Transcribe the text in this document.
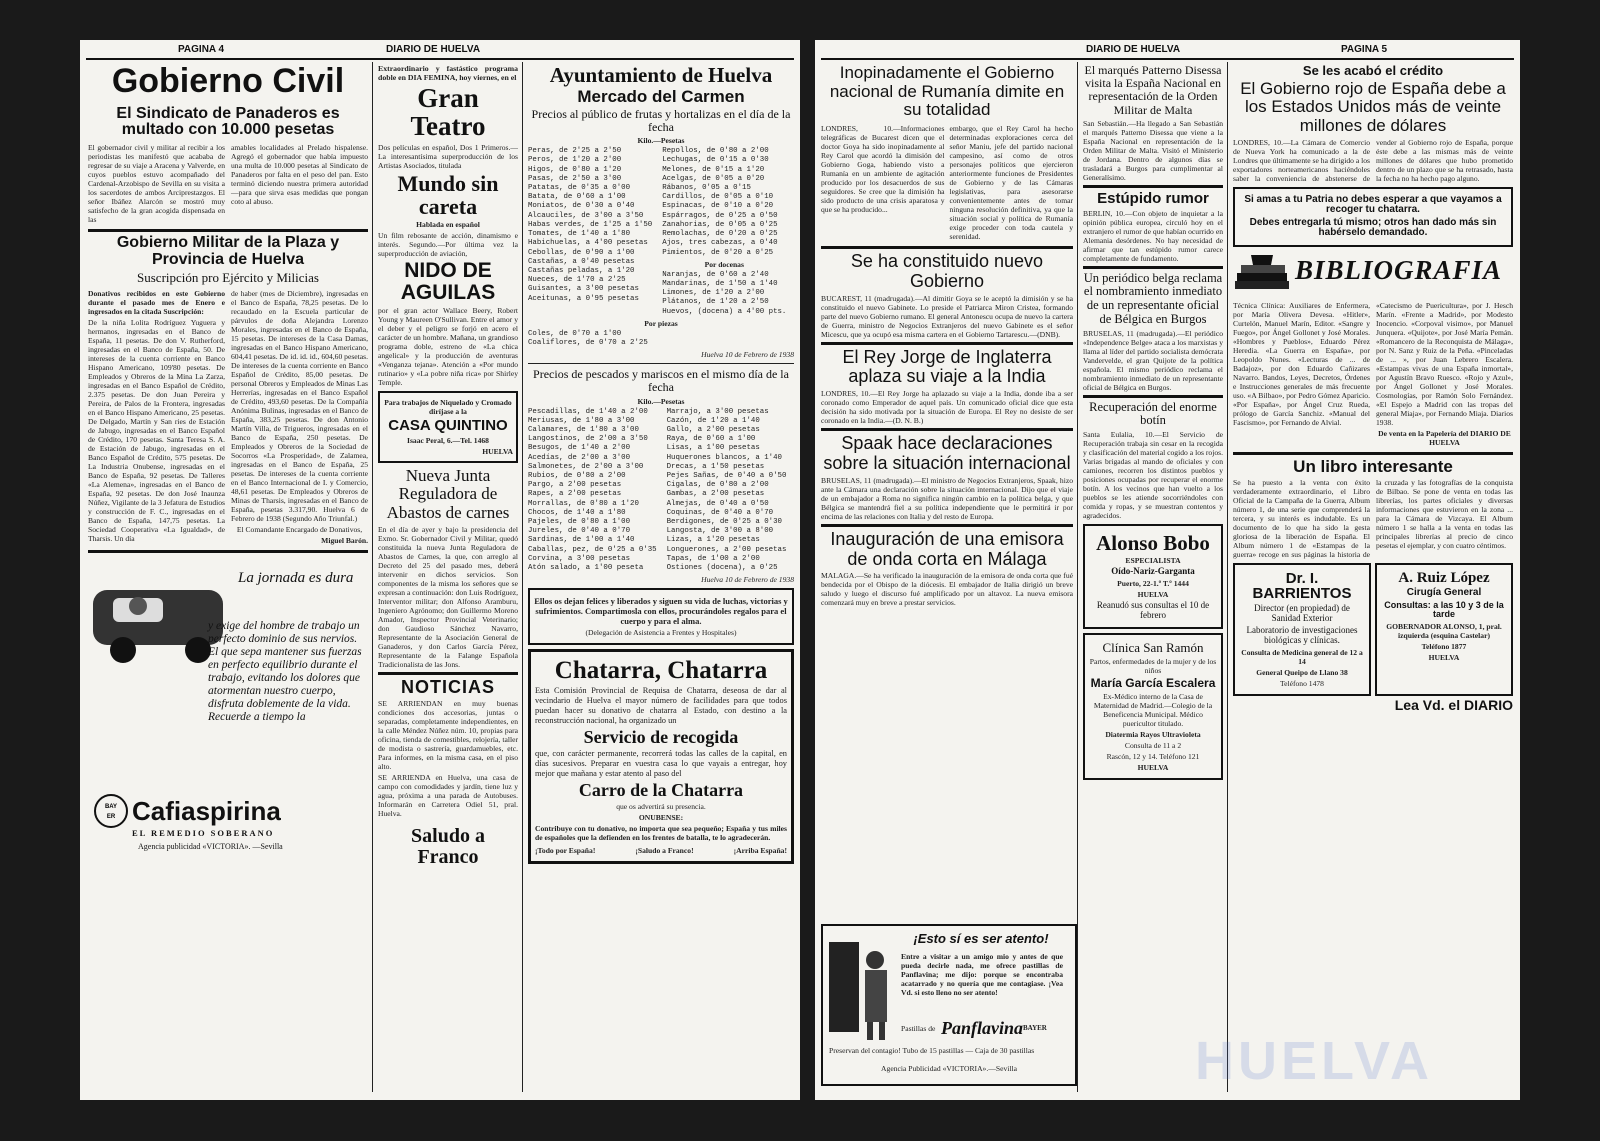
PAGINA 4	DIARIO DE HUELVA
Gobierno Civil
El Sindicato de Panaderos es multado con 10.000 pesetas
El gobernador civil y militar al recibir a los periodistas les manifestó que acababa de regresar de su viaje a Aracena y Valverde, en cuyos pueblos estuvo acompañado del Cardenal-Arzobispo de Sevilla en su visita a los sacerdotes de ambos Arciprestazgos. El señor Ibáñez Alarcón se mostró muy satisfecho de la gran acogida dispensada en las
amables localidades al Prelado hispalense. Agregó el gobernador que había impuesto una multa de 10.000 pesetas al Sindicato de Panaderos por falta en el peso del pan. Esto terminó diciendo nuestra primera autoridad—para que sirva esas medidas que pongan coto al abuso.
Gobierno Militar de la Plaza y Provincia de Huelva
Suscripción pro Ejército y Milicias
Donativos recibidos en este Gobierno durante el pasado mes de Enero e ingresados en la citada Suscripción:
De la niña Lolita Rodríguez Yuguera y hermanos, ingresadas en el Banco de España, 11 pesetas. De don V. Rutherford, ingresadas en el Banco de España, 50. De intereses de la cuenta corriente en Banco Hispano Americano, 109'80 pesetas. De Empleados y Obreros de la Mina La Zarza, ingresadas en el Banco Español de Crédito, 2.375 pesetas. De don Juan Pereira y Pereira, de Palos de la Frontera, ingresadas en el Banco Hispano Americano, 25 pesetas. De Delgado, Martín y San ries de Estación de Jabugo, ingresadas en el Banco Español de Crédito, 170 pesetas. Santa Teresa S. A. de Estación de Jabugo, ingresadas en el Banco Español de Crédito, 575 pesetas. De La Industria Onubense, ingresadas en el Banco de España, 92 pesetas. De Talleres «La Alemena», ingresadas en el Banco de España, 92 pesetas. De don José Inaunza Núñez, Vigilante de la 3 Jefatura de Estudios y construcción de F. C., ingresadas en el Banco de España, 147,75 pesetas. La Sociedad Cooperativa «La Igualdad», de Tharsis. Un día
de haber (mes de Diciembre), ingresadas en el Banco de España, 78,25 pesetas. De lo recaudado en la Escuela particular de párvulos de doña Alejandra Lorenzo Morales, ingresadas en el Banco de España, 15 pesetas. De intereses de la Casa Damas, ingresadas en el Banco Hispano Americano, 604,41 pesetas. De id. id. id., 604,60 pesetas. De intereses de la cuenta corriente en Banco Español de Crédito, 85,00 pesetas. De personal Obreros y Empleados de Minas Las Herrerías, ingresadas en el Banco Español de Crédito, 493,60 pesetas. De la Compañía Anónima Bulinas, ingresadas en el Banco de España, 383,25 pesetas. De don Antonio Martín Villa, de Trigueros, ingresadas en el Banco de España, 250 pesetas. De Empleados y Obreros de la Sociedad de Socorros «La Prosperidad», de Zalamea, ingresadas en el Banco de España, 25 pesetas. De intereses de la cuenta corriente en el Banco Internacional de I. y Comercio, 48,61 pesetas. De Empleados y Obreros de Minas de Tharsis, ingresadas en el Banco de España, pesetas 3.317,90. Huelva 6 de Febrero de 1938 (Segundo Año Triunfal.)
El Comandante Encargado de Donativos,
Miguel Barón.
La jornada es dura
y exige del hombre de trabajo un perfecto dominio de sus nervios. El que sepa mantener sus fuerzas en perfecto equilibrio durante el trabajo, evitando los dolores que atormentan nuestro cuerpo, disfruta doblemente de la vida. Recuerde a tiempo la
BAY
ER Cafiaspirina
EL REMEDIO SOBERANO
Agencia publicidad «VICTORIA». —Sevilla
Extraordinario y fastástico programa doble en DIA FEMINA, hoy viernes, en el
Gran Teatro
Dos películas en español, Dos 1 Primeros.—La interesantísima superproducción de los Artistas Asociados, titulada
Mundo sin careta
Hablada en español
Un film rebosante de acción, dinamismo e interés. Segundo.—Por última vez la superproducción de aviación,
NIDO DE AGUILAS
por el gran actor Wallace Beery, Robert Young y Maureen O'Sullivan. Entre el amor y el deber y el peligro se forjó en acero el carácter de un hombre. Mañana, un grandioso programa doble, estreno de «La chica angelical» y la producción de aventuras «Venganza tejana». Atención a «Por mundo rutinario» y «La pobre niña rica» por Shirley Temple.
Para trabajos de Niquelado y Cromado diríjase a la
CASA QUINTINO
Isaac Peral, 6.—Tel. 1468
HUELVA
Nueva Junta Reguladora de Abastos de carnes
En el día de ayer y bajo la presidencia del Exmo. Sr. Gobernador Civil y Militar, quedó constituida la nueva Junta Reguladora de Abastos de Carnes, la que, con arreglo al Decreto del 25 del pasado mes, deberá intervenir en dichos servicios. Son componentes de la misma los señores que se expresan a continuación: don Luis Rodríguez, Interventor militar; don Alfonso Aramburu, Ingeniero Agrónomo; don Guillermo Moreno Amador, Inspector Provincial Veterinario; don Gaudioso Sánchez Navarro, Representante de la Asociación General de Ganaderos, y don Carlos García Pérez, Representante de la Falange Española Tradicionalista de las Jons.
NOTICIAS
SE ARRIENDAN en muy buenas condiciones dos accesorias, juntas o separadas, completamente independientes, en la calle Méndez Núñez núm. 10, propias para oficina, tienda de comestibles, relojería, taller de modista o sastrería, guardamuebles, etc. Para informes, en la misma casa, en el piso alto.
SE ARRIENDA en Huelva, una casa de campo con comodidades y jardín, tiene luz y agua, próxima a una parada de Autobuses. Informarán en Carretera Odiel 51, pral. Huelva.
Saludo a Franco
Ayuntamiento de Huelva
Mercado del Carmen
Precios al público de frutas y hortalizas en el día de la fecha
Kilo.—Pesetas
Peras, de 2'25 a 2'50
Peros, de 1'20 a 2'00
Higos, de 0'80 a 1'20
Pasas, de 2'50 a 3'00
Patatas, de 0'35 a 0'00
Batata, de 0'60 a 1'00
Moniatos, de 0'30 a 0'40
Alcauciles, de 3'00 a 3'50
Habas verdes, de 1'25 a 1'50
Tomates, de 1'40 a 1'80
Habichuelas, a 4'00 pesetas
Cebollas, de 0'90 a 1'00
Castañas, a 0'40 pesetas
Castañas peladas, a 1'20
Nueces, de 1'70 a 2'25
Guisantes, a 3'00 pesetas
Aceitunas, a 0'95 pesetas
Repollos, de 0'80 a 2'00
Lechugas, de 0'15 a 0'30
Melones, de 0'15 a 1'20
Acelgas, de 0'05 a 0'20
Rábanos, 0'05 a 0'15
Cardillos, de 0'05 a 0'10
Espinacas, de 0'10 a 0'20
Espárragos, de 0'25 a 0'50
Zanahorias, de 0'05 a 0'25
Remolachas, de 0'20 a 0'25
Ajos, tres cabezas, a 0'40
Pimientos, de 0'20 a 0'25
Por docenas
Naranjas, de 0'60 a 2'40
Mandarinas, de 1'50 a 1'40
Limones, de 1'20 a 2'00
Plátanos, de 1'20 a 2'50
Huevos, (docena) a 4'00 pts.
Por piezas
Coles, de 0'70 a 1'00
Coaliflores, de 0'70 a 2'25
Huelva 10 de Febrero de 1938
Precios de pescados y mariscos en el mismo día de la fecha
Kilo.—Pesetas
Pescadillas, de 1'40 a 2'00
Meriusas, de 1'80 a 3'00
Calamares, de 1'80 a 3'00
Langostinos, de 2'00 a 3'50
Besugos, de 1'40 a 2'00
Acedías, de 2'00 a 3'00
Salmonetes, de 2'00 a 3'00
Rubios, de 0'80 a 2'00
Pargo, a 2'00 pesetas
Rapes, a 2'00 pesetas
Morrallas, de 0'80 a 1'20
Chocos, de 1'40 a 1'80
Pajeles, de 0'80 a 1'00
Jureles, de 0'40 a 0'70
Sardinas, de 1'00 a 1'40
Caballas, pez, de 0'25 a 0'35
Corvina, a 3'00 pesetas
Atón salado, a 1'00 peseta
Marrajo, a 3'00 pesetas
Cazón, de 1'20 a 1'40
Gallo, a 2'00 pesetas
Raya, de 0'60 a 1'00
Lisas, a 1'00 pesetas
Huquerones blancos, a 1'40
Drecas, a 1'50 pesetas
Pejes Sañas, de 0'40 a 0'50
Cigalas, de 0'80 a 2'00
Gambas, a 2'00 pesetas
Almejas, de 0'40 a 0'50
Coquinas, de 0'40 a 0'70
Berdigones, de 0'25 a 0'30
Langosta, de 3'00 a 8'00
Lizas, a 1'20 pesetas
Longuerones, a 2'00 pesetas
Tapas, de 1'00 a 2'00
Ostiones (docena), a 0'25
Huelva 10 de Febrero de 1938
Ellos os dejan felices y liberados y siguen su vida de luchas, victorias y sufrimientos. Compartimosla con ellos, procurándoles regalos para el cuerpo y para el alma.
(Delegación de Asistencia a Frentes y Hospitales)
Chatarra, Chatarra
Esta Comisión Provincial de Requisa de Chatarra, deseosa de dar al vecindario de Huelva el mayor número de facilidades para que todos puedan hacer su donativo de chatarra al Estado, con destino a la reconstrucción nacional, ha organizado un
Servicio de recogida
que, con carácter permanente, recorrerá todas las calles de la capital, en días sucesivos. Preparar en vuestra casa lo que vayais a entregar, hoy mejor que mañana y estar atento al paso del
Carro de la Chatarra
que os advertirá su presencia.
ONUBENSE:
Contribuye con tu donativo, no importa que sea pequeño; España y tus miles de españoles que la defienden en los frentes de batalla, te lo agradecerán.
¡Todo por España!	¡Saludo a Franco!	¡Arriba España!
DIARIO DE HUELVA	PAGINA 5
Inopinadamente el Gobierno nacional de Rumanía dimite en su totalidad
LONDRES, 10.—Informaciones telegráficas de Bucarest dicen que el doctor Goya ha sido inopinadamente al Rey Carol que acordó la dimisión del Gobierno Goga, habiendo visto a Rumanía en un ambiente de agitación producido por los desacuerdos de sus seguidores. Se cree que la dimisión ha sido producto de una crisis aparatosa y que se ha producido...
embargo, que el Rey Carol ha hecho determinadas exploraciones cerca del señor Maniu, jefe del partido nacional campesino, así como de otros personajes políticos que ejercieron anteriormente funciones de Presidentes de Gobierno y de las Cámaras legislativas, para asesorarse convenientemente antes de tomar ninguna resolución definitiva, ya que la situación social y política de Rumanía exige proceder con toda cautela y serenidad.
Se ha constituido nuevo Gobierno
BUCAREST, 11 (madrugada).—Al dimitir Goya se le aceptó la dimisión y se ha constituido el nuevo Gabinete. Lo preside el Patriarca Miron Cristea, formando parte del nuevo Gobierno rumano. El general Antonescu ocupa de nuevo la cartera de Guerra, ministro de Negocios Extranjeros del nuevo Gabinete es el señor Micescu, que ya ocupó esa misma cartera en el Gobierno Tartarescu.—(DNB).
El Rey Jorge de Inglaterra aplaza su viaje a la India
LONDRES, 10.—El Rey Jorge ha aplazado su viaje a la India, donde iba a ser coronado como Emperador de aquel país. Un comunicado oficial dice que esta decisión ha sido motivada por la situación de Europa. El Rey no desiste de ser coronado en la India.—(D. N. B.)
Spaak hace declaraciones sobre la situación internacional
BRUSELAS, 11 (madrugada).—El ministro de Negocios Extranjeros, Spaak, hizo ante la Cámara una declaración sobre la situación internacional. Dijo que el viaje de un embajador a Roma no significa ningún cambio en la política belga, y que Bélgica se mantendrá fiel a su política independiente que le permitirá ir por encima de las relaciones con Italia y del resto de Europa.
Inauguración de una emisora de onda corta en Málaga
MALAGA.—Se ha verificado la inauguración de la emisora de onda corta que fué bendecida por el Obispo de la diócesis. El embajador de Italia dirigió un breve saludo y luego el discurso fué amplificado por un altavoz. La nueva emisora comenzará muy en breve a prestar servicios.
El marqués Patterno Disessa visita la España Nacional en representación de la Orden Militar de Malta
San Sebastián.—Ha llegado a San Sebastián el marqués Patterno Disessa que viene a la España Nacional en representación de la Orden Militar de Malta. Visitó el Ministerio de Jordana. Dentro de algunos días se trasladará a Burgos para cumplimentar al Generalísimo.
Estúpido rumor
BERLIN, 10.—Con objeto de inquietar a la opinión pública europea, circuló hoy en el extranjero el rumor de que habían ocurrido en Alemania desórdenes. No hay necesidad de afirmar que tan estúpido rumor carece completamente de fundamento.
Un periódico belga reclama el nombramiento inmediato de un representante oficial de Bélgica en Burgos
BRUSELAS, 11 (madrugada).—El periódico «Independence Belge» ataca a los marxistas y llama al líder del partido socialista demócrata Vandervelde, el gran Quijote de la política española. El mismo periódico reclama el nombramiento inmediato de un representante oficial de Bélgica en Burgos.
Recuperación del enorme botín
Santa Eulalia, 10.—El Servicio de Recuperación trabaja sin cesar en la recogida y clasificación del material cogido a los rojos. Varias brigadas al mando de oficiales y con camiones, recorren los distintos pueblos y posiciones ocupadas por recuperar el enorme botín. A los vecinos que han vuelto a los pueblos se les atiende socorriéndoles con comida y ropas, y se muestran contentos y agradecidos.
Alonso Bobo
ESPECIALISTA
Oído-Nariz-Garganta
Puerto, 22-1.º T.º 1444
HUELVA
Reanudó sus consultas el 10 de febrero
Clínica San Ramón
Partos, enfermedades de la mujer y de los niños
María García Escalera
Ex-Médico interno de la Casa de Maternidad de Madrid.—Colegio de la Beneficencia Municipal. Médico puericultor titulado.
Diatermia Rayos Ultravioleta
Consulta de 11 a 2
Rascón, 12 y 14. Teléfono 121
HUELVA
Se les acabó el crédito
El Gobierno rojo de España debe a los Estados Unidos más de veinte millones de dólares
LONDRES, 10.—La Cámara de Comercio de Nueva York ha comunicado a la de Londres que últimamente se ha dirigido a los exportadores norteamericanos haciéndoles saber la conveniencia de abstenerse de vender al Gobierno rojo de España, porque éste debe a las mismas más de veinte millones de dólares que hubo prometido dentro de un plazo que se ha retrasado, hasta la fecha no ha hecho pago alguno.
Si amas a tu Patria no debes esperar a que vayamos a recoger tu chatarra.
Debes entregarla tú mismo; otros han dado más sin habérselo demandado.
BIBLIOGRAFIA
Técnica Clínica: Auxiliares de Enfermera, por María Olivera Devesa. «Hitler», Curtelón, Manuel Marín, Editor. «Sangre y Fuego», por Ángel Gollonet y José Morales. «Hombres y Pueblos», Eduardo Pérez Heredia. «La Guerra en España», por Leopoldo Nunes. «Lecturas de ... de Badajoz», por don Eduardo Cañizares Navarro. Bandos, Leyes, Decretos, Órdenes e Instrucciones generales de más frecuente uso. «A Bilbao», por Pedro Gómez Aparicio. «Por España», por Ángel Cruz Rueda, prólogo de García Sanchiz. «Manual del Fascismo», por Fernando de Alvial.
«Catecismo de Puericultura», por J. Hesch Marín. «Frente a Madrid», por Modesto Inocencio. «Corpoval visimo», por Manuel Junquera. «Quijote», por José María Pemán. «Romancero de la Reconquista de Málaga», por N. Sanz y Ruiz de la Peña. «Pinceladas de ... », por Juan Lebrero Escalera. «Estampas vivas de una España inmortal», por Agustín Bravo Ruesco. «Rojo y Azul», por Ángel Gollonet y José Morales. Cosmologías, por Ramón Solo Fernández. «El Espejo a Madrid con las tropas del general Miaja», por Fernando Miaja. Diarios 1938.
De venta en la Papelería del DIARIO DE HUELVA
Un libro interesante
Se ha puesto a la venta con éxito verdaderamente extraordinario, el Libro Oficial de la Campaña de la Guerra, Album número 1, de una serie que comprenderá la tercera, y su interés es indudable. Es un documento de lo que ha sido la gesta gloriosa de la liberación de España. El Album número 1 de «Estampas de la guerra» recoge en sus páginas la historia de la cruzada y las fotografías de la conquista de Bilbao. Se pone de venta en todas las librerías, los partes oficiales y diversas informaciones que estuvieron en la zona ... para la Cámara de Vizcaya. El Album número 1 se halla a la venta en todas las principales librerías al precio de cinco pesetas el ejemplar, y con cuatro céntimos.
Dr. I. BARRIENTOS
Director (en propiedad) de Sanidad Exterior
Laboratorio de investigaciones biológicas y clínicas.
Consulta de Medicina general de 12 a 14
General Queipo de Llano 38
Teléfono 1478
A. Ruiz López
Cirugía General
Consultas: a las 10 y 3 de la tarde
GOBERNADOR ALONSO, 1, pral. izquierda (esquina Castelar)
Teléfono 1877
HUELVA
Lea Vd. el DIARIO
¡Esto sí es ser atento!
Entre a visitar a un amigo mio y antes de que pueda decirle nada, me ofrece pastillas de Panflavina; me dijo: porque se encontraba acatarrado y no quería que me contagiase. ¡Vea Vd. si esto lleno no ser atento!
Pastillas de Panflavina
Preservan del contagio! Tubo de 15 pastillas — Caja de 30 pastillas
BAYER
Agencia Publicidad «VICTORIA».—Sevilla	HUELVA
